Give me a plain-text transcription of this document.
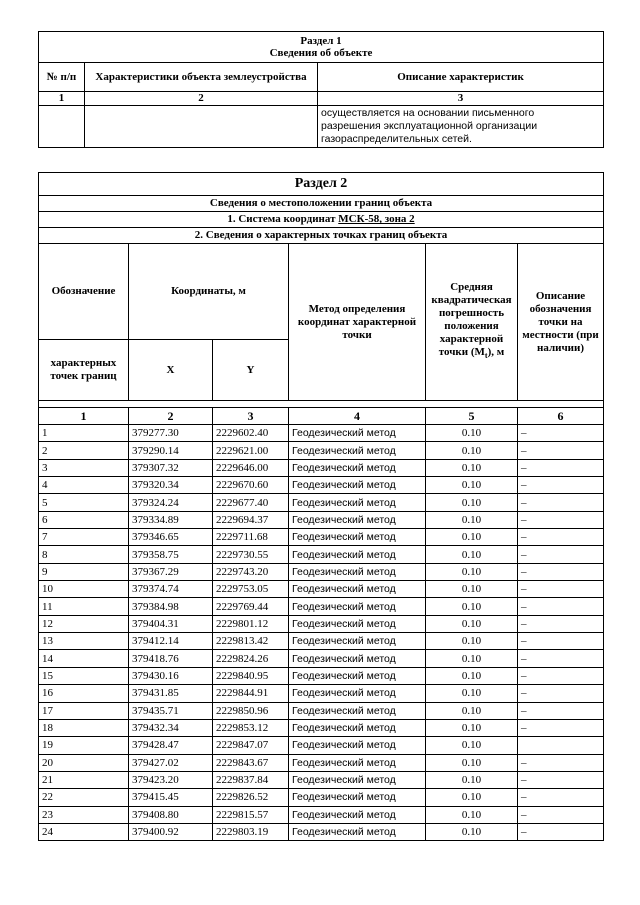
Раздел 1
Сведения об объекте		

№ п/п	Характеристики объекта землеустройства	Описание характеристик
1	2	3

		осуществляется на основании письменного
разрешения эксплуатационной организации
газораспределительных сетей.
Раздел 2					
Сведения о местоположении границ объекта					
1. Система координат МСК-58, зона 2					
2. Сведения о характерных точках границ объекта					
Обозначение	Координаты, м		Метод определения координат характерной точки	Средняя квадратическая погрешность положения характерной точки $(M_t)$, м	Описание обозначения точки на местности (при наличии)
характерных точек границ	X	Y			

1	2	3	4	5	6
1	379277.30	2229602.40	Геодезический метод	0.10	–
2	379290.14	2229621.00	Геодезический метод	0.10	–
3	379307.32	2229646.00	Геодезический метод	0.10	–
4	379320.34	2229670.60	Геодезический метод	0.10	–
5	379324.24	2229677.40	Геодезический метод	0.10	–
6	379334.89	2229694.37	Геодезический метод	0.10	–
7	379346.65	2229711.68	Геодезический метод	0.10	–
8	379358.75	2229730.55	Геодезический метод	0.10	–
9	379367.29	2229743.20	Геодезический метод	0.10	–
10	379374.74	2229753.05	Геодезический метод	0.10	–
11	379384.98	2229769.44	Геодезический метод	0.10	–
12	379404.31	2229801.12	Геодезический метод	0.10	–
13	379412.14	2229813.42	Геодезический метод	0.10	–
14	379418.76	2229824.26	Геодезический метод	0.10	–
15	379430.16	2229840.95	Геодезический метод	0.10	–
16	379431.85	2229844.91	Геодезический метод	0.10	–
17	379435.71	2229850.96	Геодезический метод	0.10	–
18	379432.34	2229853.12	Геодезический метод	0.10	–
19	379428.47	2229847.07	Геодезический метод	0.10	
20	379427.02	2229843.67	Геодезический метод	0.10	–
21	379423.20	2229837.84	Геодезический метод	0.10	–
22	379415.45	2229826.52	Геодезический метод	0.10	–
23	379408.80	2229815.57	Геодезический метод	0.10	–
24	379400.92	2229803.19	Геодезический метод	0.10	–
